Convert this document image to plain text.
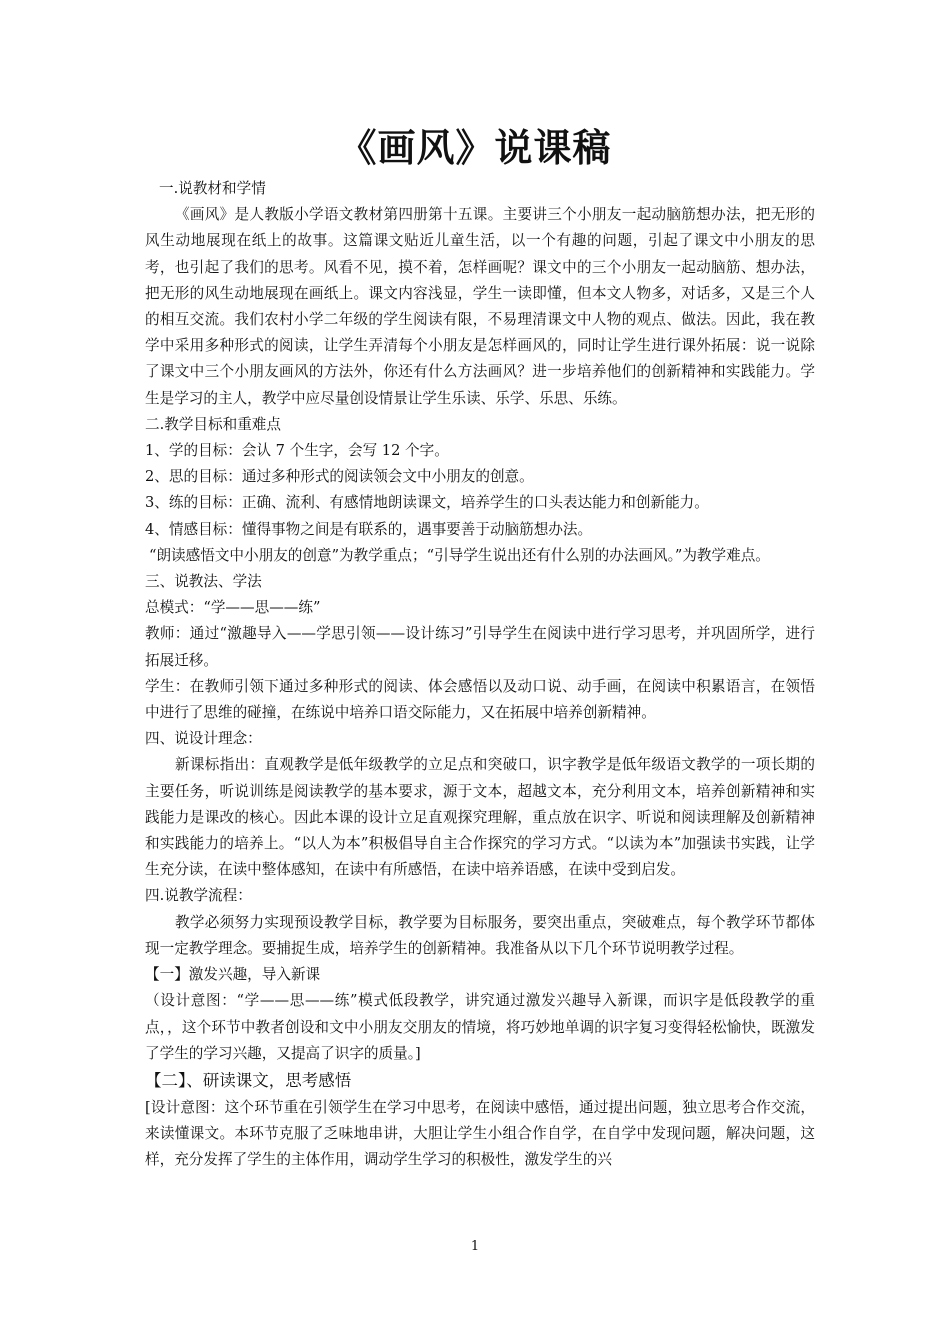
《画风》说课稿

一.说教材和学情

《画风》是人教版小学语文教材第四册第十五课。主要讲三个小朋友一起动脑筋想办法，把无形的风生动地展现在纸上的故事。这篇课文贴近儿童生活，以一个有趣的问题，引起了课文中小朋友的思考，也引起了我们的思考。风看不见，摸不着，怎样画呢？课文中的三个小朋友一起动脑筋、想办法，把无形的风生动地展现在画纸上。课文内容浅显，学生一读即懂，但本文人物多，对话多，又是三个人的相互交流。我们农村小学二年级的学生阅读有限，不易理清课文中人物的观点、做法。因此，我在教学中采用多种形式的阅读，让学生弄清每个小朋友是怎样画风的，同时让学生进行课外拓展：说一说除了课文中三个小朋友画风的方法外，你还有什么方法画风？进一步培养他们的创新精神和实践能力。学生是学习的主人，教学中应尽量创设情景让学生乐读、乐学、乐思、乐练。

二.教学目标和重难点

1、学的目标：会认 7 个生字，会写 12 个字。

2、思的目标：通过多种形式的阅读领会文中小朋友的创意。

3、练的目标：正确、流利、有感情地朗读课文，培养学生的口头表达能力和创新能力。

4、情感目标：懂得事物之间是有联系的，遇事要善于动脑筋想办法。

“朗读感悟文中小朋友的创意”为教学重点；“引导学生说出还有什么别的办法画风。”为教学难点。

三、说教法、学法

总模式：“学——思——练”

教师：通过“激趣导入——学思引领——设计练习”引导学生在阅读中进行学习思考，并巩固所学，进行拓展迁移。

学生：在教师引领下通过多种形式的阅读、体会感悟以及动口说、动手画，在阅读中积累语言，在领悟中进行了思维的碰撞，在练说中培养口语交际能力，又在拓展中培养创新精神。

四、说设计理念：

新课标指出：直观教学是低年级教学的立足点和突破口，识字教学是低年级语文教学的一项长期的主要任务，听说训练是阅读教学的基本要求，源于文本，超越文本，充分利用文本，培养创新精神和实践能力是课改的核心。因此本课的设计立足直观探究理解，重点放在识字、听说和阅读理解及创新精神和实践能力的培养上。“以人为本”积极倡导自主合作探究的学习方式。“以读为本”加强读书实践，让学生充分读，在读中整体感知，在读中有所感悟，在读中培养语感，在读中受到启发。

四.说教学流程：

教学必须努力实现预设教学目标，教学要为目标服务，要突出重点，突破难点，每个教学环节都体现一定教学理念。要捕捉生成，培养学生的创新精神。我准备从以下几个环节说明教学过程。

【一】激发兴趣，导入新课

（设计意图：“学——思——练”模式低段教学，讲究通过激发兴趣导入新课，而识字是低段教学的重点，，这个环节中教者创设和文中小朋友交朋友的情境，将巧妙地单调的识字复习变得轻松愉快，既激发了学生的学习兴趣，又提高了识字的质量。]

【二】、研读课文，思考感悟

[设计意图：这个环节重在引领学生在学习中思考，在阅读中感悟，通过提出问题，独立思考合作交流，来读懂课文。本环节克服了乏味地串讲，大胆让学生小组合作自学，在自学中发现问题，解决问题，这样，充分发挥了学生的主体作用，调动学生学习的积极性，激发学生的兴

1
